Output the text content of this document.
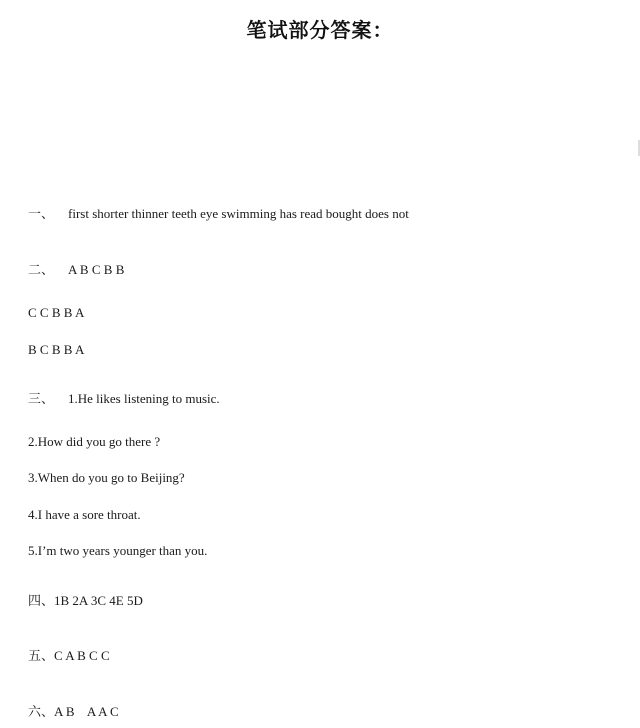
笔试部分答案：
一、 first shorter thinner teeth eye swimming has read bought does not
二、 A B C B B
C C B B A
B C B B A
三、 1.He likes listening to music.
2.How did you go there ?
3.When do you go to Beijing?
4.I have a sore throat.
5.I’m two years younger than you.
四、1B 2A 3C 4E 5D
五、C A B C C
六、A B    A A C
